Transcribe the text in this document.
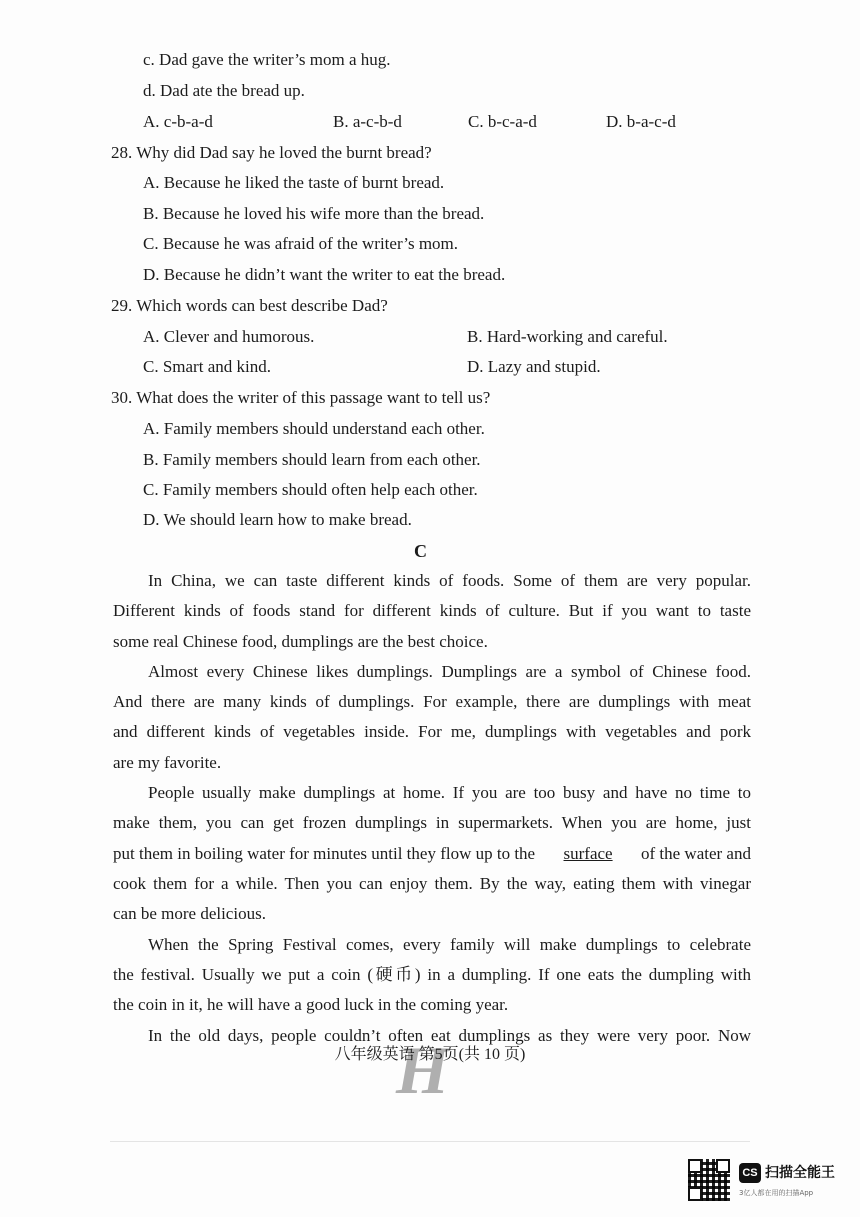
c. Dad gave the writer’s mom a hug.
d. Dad ate the bread up.
A. c-b-a-d	B. a-c-b-d	C. b-c-a-d	D. b-a-c-d
28. Why did Dad say he loved the burnt bread?
A. Because he liked the taste of burnt bread.
B. Because he loved his wife more than the bread.
C. Because he was afraid of the writer’s mom.
D. Because he didn’t want the writer to eat the bread.
29. Which words can best describe Dad?
A. Clever and humorous.	B. Hard-working and careful.
C. Smart and kind.	D. Lazy and stupid.
30. What does the writer of this passage want to tell us?
A. Family members should understand each other.
B. Family members should learn from each other.
C. Family members should often help each other.
D. We should learn how to make bread.
C
In China, we can taste different kinds of foods. Some of them are very popular.
Different kinds of foods stand for different kinds of culture. But if you want to taste
some real Chinese food, dumplings are the best choice.
Almost every Chinese likes dumplings. Dumplings are a symbol of Chinese food.
And there are many kinds of dumplings. For example, there are dumplings with meat
and different kinds of vegetables inside. For me, dumplings with vegetables and pork
are my favorite.
People usually make dumplings at home. If you are too busy and have no time to
make them, you can get frozen dumplings in supermarkets. When you are home, just
put them in boiling water for minutes until they flow up to the surface of the water and
cook them for a while. Then you can enjoy them. By the way, eating them with vinegar
can be more delicious.
When the Spring Festival comes, every family will make dumplings to celebrate
the festival. Usually we put a coin (硬币) in a dumpling. If one eats the dumpling with
the coin in it, he will have a good luck in the coming year.
In the old days, people couldn’t often eat dumplings as they were very poor. Now
H
八年级英语 第5页(共 10 页)
CS 扫描全能王
3亿人都在用的扫描App
